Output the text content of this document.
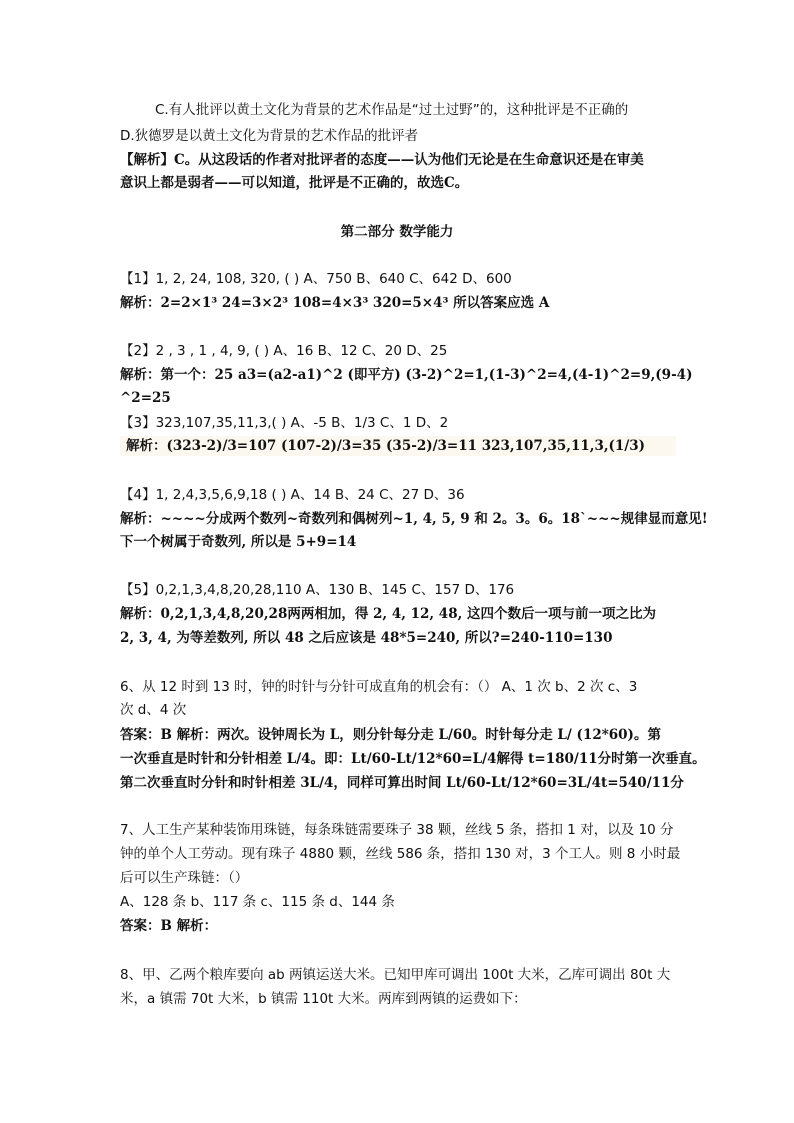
C.有人批评以黄土文化为背景的艺术作品是“过土过野”的，这种批评是不正确的
D.狄德罗是以黄土文化为背景的艺术作品的批评者
【解析】C。从这段话的作者对批评者的态度——认为他们无论是在生命意识还是在审美
意识上都是弱者——可以知道，批评是不正确的，故选C。
第二部分 数学能力
【1】1, 2, 24, 108, 320, ( ) A、750 B、640 C、642 D、600
解析：2=2×1³ 24=3×2³ 108=4×3³ 320=5×4³ 所以答案应选 A
【2】2 , 3 , 1 , 4, 9, ( ) A、16 B、12 C、20 D、25
解析：第一个：25 a3=(a2-a1)^2 (即平方) (3-2)^2=1,(1-3)^2=4,(4-1)^2=9,(9-4)
^2=25
【3】323,107,35,11,3,( ) A、-5 B、1/3 C、1 D、2
解析：(323-2)/3=107 (107-2)/3=35 (35-2)/3=11 323,107,35,11,3,(1/3)
【4】1, 2,4,3,5,6,9,18 ( ) A、14 B、24 C、27 D、36
解析：~~~~分成两个数列~奇数列和偶树列~1, 4, 5, 9 和 2。3。6。18`~~~规律显而意见!
下一个树属于奇数列, 所以是 5+9=14
【5】0,2,1,3,4,8,20,28,110 A、130 B、145 C、157 D、176
解析：0,2,1,3,4,8,20,28两两相加，得 2, 4, 12, 48, 这四个数后一项与前一项之比为
2, 3, 4, 为等差数列, 所以 48 之后应该是 48*5=240, 所以?=240-110=130
6、从 12 时到 13 时，钟的时针与分针可成直角的机会有：（） A、1 次 b、2 次 c、3
次 d、4 次
答案：B 解析：两次。设钟周长为 L，则分针每分走 L/60。时针每分走 L/ (12*60)。第
一次垂直是时针和分针相差 L/4。即：Lt/60-Lt/12*60=L/4解得 t=180/11分时第一次垂直。
第二次垂直时分针和时针相差 3L/4，同样可算出时间 Lt/60-Lt/12*60=3L/4t=540/11分
7、人工生产某种装饰用珠链，每条珠链需要珠子 38 颗，丝线 5 条，搭扣 1 对，以及 10 分
钟的单个人工劳动。现有珠子 4880 颗，丝线 586 条，搭扣 130 对，3 个工人。则 8 小时最
后可以生产珠链：（）
A、128 条 b、117 条 c、115 条 d、144 条
答案：B 解析：
8、甲、乙两个粮库要向 ab 两镇运送大米。已知甲库可调出 100t 大米，乙库可调出 80t 大
米，a 镇需 70t 大米，b 镇需 110t 大米。两库到两镇的运费如下：
